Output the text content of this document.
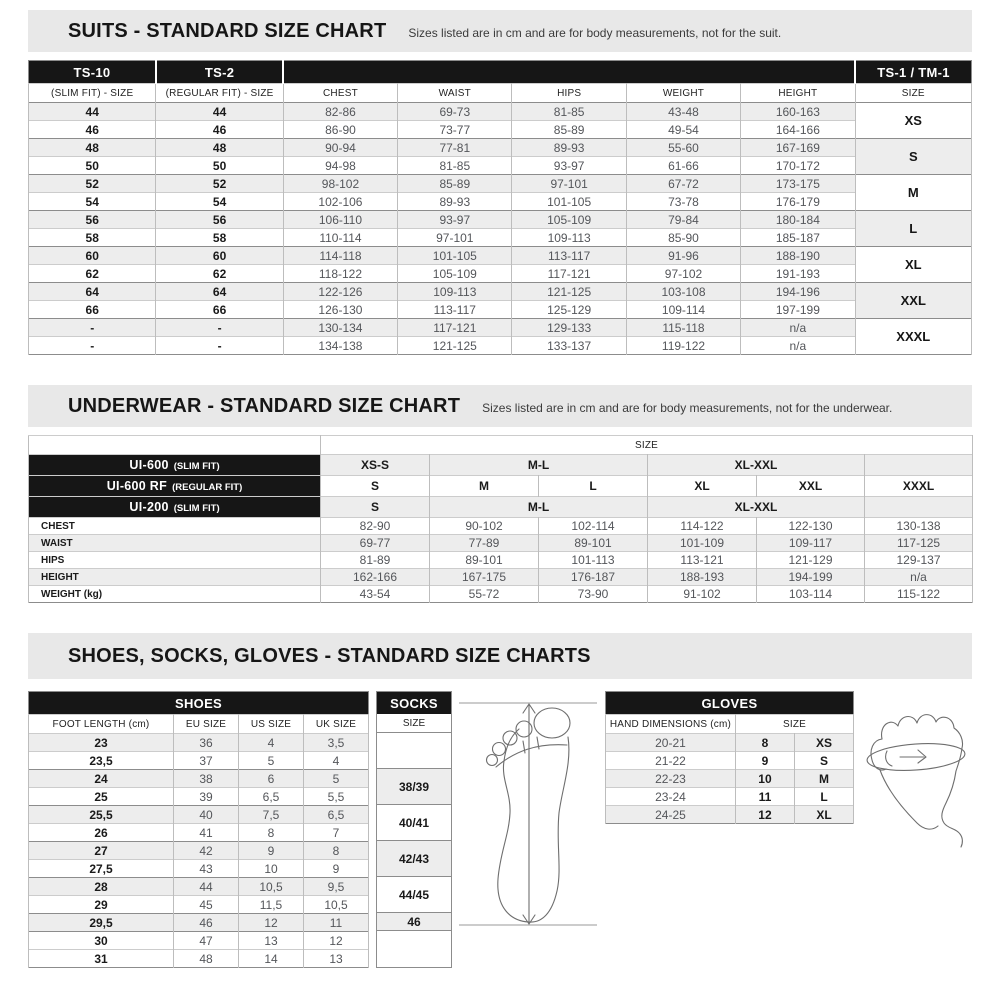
SUITS - STANDARD SIZE CHART Sizes listed are in cm and are for body measurements, not for the suit.
TS-10	TS-2						TS-1 / TM-1
(SLIM FIT) - SIZE	(REGULAR FIT) - SIZE	CHEST	WAIST	HIPS	WEIGHT	HEIGHT	SIZE
44	44	82-86	69-73	81-85	43-48	160-163	XS
46	46	86-90	73-77	85-89	49-54	164-166	
48	48	90-94	77-81	89-93	55-60	167-169	S
50	50	94-98	81-85	93-97	61-66	170-172	
52	52	98-102	85-89	97-101	67-72	173-175	M
54	54	102-106	89-93	101-105	73-78	176-179	
56	56	106-110	93-97	105-109	79-84	180-184	L
58	58	110-114	97-101	109-113	85-90	185-187	
60	60	114-118	101-105	113-117	91-96	188-190	XL
62	62	118-122	105-109	117-121	97-102	191-193	
64	64	122-126	109-113	121-125	103-108	194-196	XXL
66	66	126-130	113-117	125-129	109-114	197-199	
-	-	130-134	117-121	129-133	115-118	n/a	XXXL
-	-	134-138	121-125	133-137	119-122	n/a	
UNDERWEAR - STANDARD SIZE CHART Sizes listed are in cm and are for body measurements, not for the underwear.
	SIZE					
UI-600 (SLIM FIT)	XS-S	M-L		XL-XXL		
UI-600 RF (REGULAR FIT)	S	M	L	XL	XXL	XXXL
UI-200 (SLIM FIT)	S	M-L		XL-XXL		
CHEST	82-90	90-102	102-114	114-122	122-130	130-138
WAIST	69-77	77-89	89-101	101-109	109-117	117-125
HIPS	81-89	89-101	101-113	113-121	121-129	129-137
HEIGHT	162-166	167-175	176-187	188-193	194-199	n/a
WEIGHT (kg)	43-54	55-72	73-90	91-102	103-114	115-122
SHOES, SOCKS, GLOVES - STANDARD SIZE CHARTS
SHOES			
FOOT LENGTH (cm)	EU SIZE	US SIZE	UK SIZE
23	36	4	3,5
23,5	37	5	4
24	38	6	5
25	39	6,5	5,5
25,5	40	7,5	6,5
26	41	8	7
27	42	9	8
27,5	43	10	9
28	44	10,5	9,5
29	45	11,5	10,5
29,5	46	12	11
30	47	13	12
31	48	14	13
SOCKS
SIZE
38/39
40/41
42/43
44/45
46
GLOVES		
HAND DIMENSIONS (cm)	SIZE	
20-21	8	XS
21-22	9	S
22-23	10	M
23-24	11	L
24-25	12	XL
